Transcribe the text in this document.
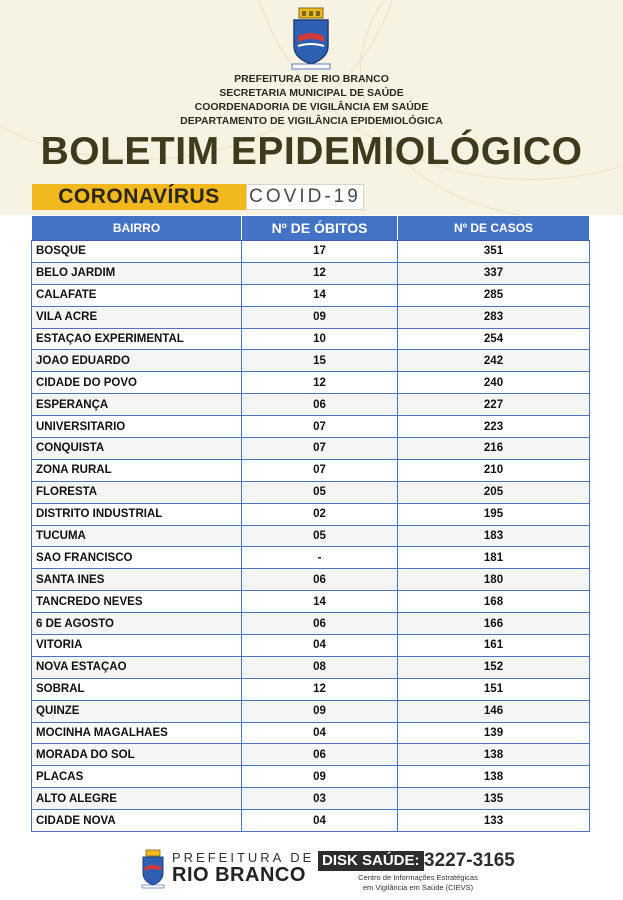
PREFEITURA DE RIO BRANCO
SECRETARIA MUNICIPAL DE SAÚDE
COORDENADORIA DE VIGILÂNCIA EM SAÚDE
DEPARTAMENTO DE VIGILÂNCIA EPIDEMIOLÓGICA
BOLETIM EPIDEMIOLÓGICO
CORONAVÍRUS	COVID-19
BAIRRO	Nº DE ÓBITOS	Nº DE CASOS
BOSQUE	17	351
BELO JARDIM	12	337
CALAFATE	14	285
VILA ACRE	09	283
ESTAÇAO EXPERIMENTAL	10	254
JOAO EDUARDO	15	242
CIDADE DO POVO	12	240
ESPERANÇA	06	227
UNIVERSITARIO	07	223
CONQUISTA	07	216
ZONA RURAL	07	210
FLORESTA	05	205
DISTRITO INDUSTRIAL	02	195
TUCUMA	05	183
SAO FRANCISCO	-	181
SANTA INES	06	180
TANCREDO NEVES	14	168
6 DE AGOSTO	06	166
VITORIA	04	161
NOVA ESTAÇAO	08	152
SOBRAL	12	151
QUINZE	09	146
MOCINHA MAGALHAES	04	139
MORADA DO SOL	06	138
PLACAS	09	138
ALTO ALEGRE	03	135
CIDADE NOVA	04	133
PREFEITURA DE
RIO BRANCO
DISK SAÚDE: 3227-3165
Centro de Informações Estratégicas
em Vigilância em Saúde (CIEVS)
